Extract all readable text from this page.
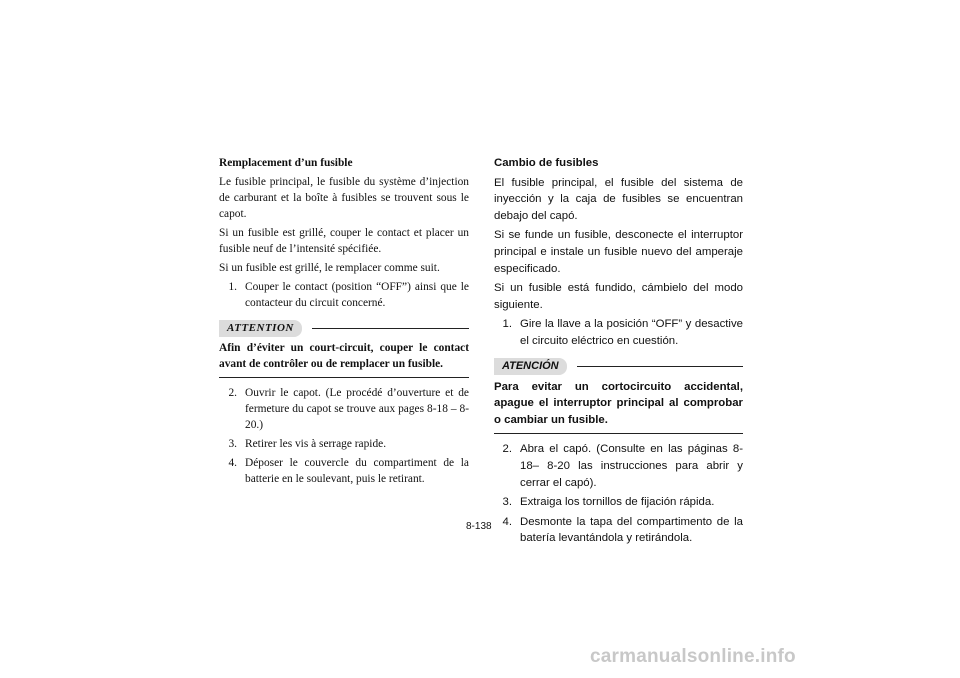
Remplacement d’un fusible
Le fusible principal, le fusible du système d’injection de carburant et la boîte à fusibles se trouvent sous le capot.
Si un fusible est grillé, couper le contact et placer un fusible neuf de l’intensité spécifiée.
Si un fusible est grillé, le remplacer comme suit.
1. Couper le contact (position “OFF”) ainsi que le contacteur du circuit concerné.
ATTENTION
Afin d’éviter un court-circuit, couper le contact avant de contrôler ou de remplacer un fusible.
2. Ouvrir le capot. (Le procédé d’ouverture et de fermeture du capot se trouve aux pages 8-18 – 8-20.)
3. Retirer les vis à serrage rapide.
4. Déposer le couvercle du compartiment de la batterie en le soulevant, puis le retirant.
Cambio de fusibles
El fusible principal, el fusible del sistema de inyección y la caja de fusibles se encuentran debajo del capó.
Si se funde un fusible, desconecte el interruptor principal e instale un fusible nuevo del amperaje especificado.
Si un fusible está fundido, cámbielo del modo siguiente.
1. Gire la llave a la posición “OFF” y desactive el circuito eléctrico en cuestión.
ATENCIÓN
Para evitar un cortocircuito accidental, apague el interruptor principal al comprobar o cambiar un fusible.
2. Abra el capó. (Consulte en las páginas 8-18– 8-20 las instrucciones para abrir y cerrar el capó).
3. Extraiga los tornillos de fijación rápida.
4. Desmonte la tapa del compartimento de la batería levantándola y retirándola.
8-138
carmanualsonline.info
